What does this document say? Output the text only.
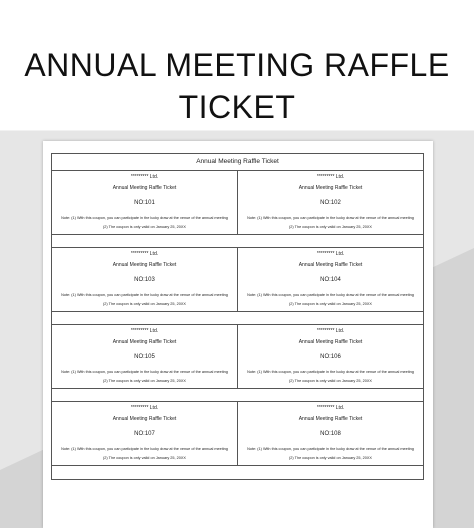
ANNUAL MEETING RAFFLE
TICKET
Annual Meeting Raffle Ticket
********* Ltd.
Annual Meeting Raffle Ticket
NO:101
Note: (1) With this coupon, you can participate in the lucky draw at the venue of the annual meeting
(2) The coupon is only valid on January 25, 20XX
********* Ltd.
Annual Meeting Raffle Ticket
NO:102
Note: (1) With this coupon, you can participate in the lucky draw at the venue of the annual meeting
(2) The coupon is only valid on January 25, 20XX
********* Ltd.
Annual Meeting Raffle Ticket
NO:103
Note: (1) With this coupon, you can participate in the lucky draw at the venue of the annual meeting
(2) The coupon is only valid on January 25, 20XX
********* Ltd.
Annual Meeting Raffle Ticket
NO:104
Note: (1) With this coupon, you can participate in the lucky draw at the venue of the annual meeting
(2) The coupon is only valid on January 25, 20XX
********* Ltd.
Annual Meeting Raffle Ticket
NO:105
Note: (1) With this coupon, you can participate in the lucky draw at the venue of the annual meeting
(2) The coupon is only valid on January 25, 20XX
********* Ltd.
Annual Meeting Raffle Ticket
NO:106
Note: (1) With this coupon, you can participate in the lucky draw at the venue of the annual meeting
(2) The coupon is only valid on January 25, 20XX
********* Ltd.
Annual Meeting Raffle Ticket
NO:107
Note: (1) With this coupon, you can participate in the lucky draw at the venue of the annual meeting
(2) The coupon is only valid on January 25, 20XX
********* Ltd.
Annual Meeting Raffle Ticket
NO:108
Note: (1) With this coupon, you can participate in the lucky draw at the venue of the annual meeting
(2) The coupon is only valid on January 25, 20XX
